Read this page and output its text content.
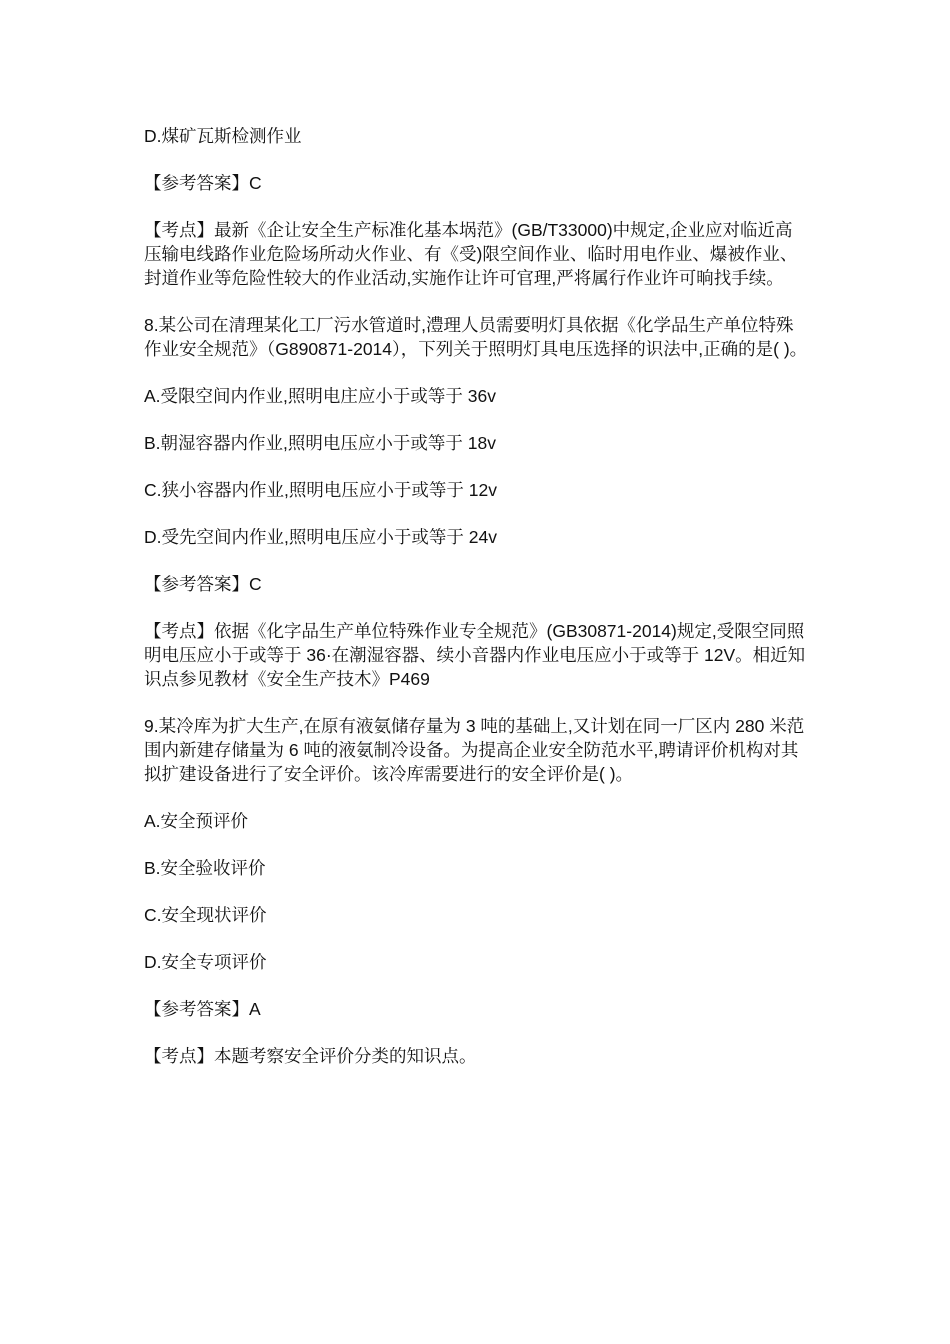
D.煤矿瓦斯检测作业

【参考答案】C

【考点】最新《企让安全生产标准化基本埚范》(GB/T33000)中规定,企业应对临近高压输电线路作业危险场所动火作业、有《受)限空间作业、临时用电作业、爆被作业、封道作业等危险性较大的作业活动,实施作让许可官理,严将属行作业许可晌找手续。

8.某公司在清理某化工厂污水管道时,澧理人员需要明灯具依据《化学品生产单位特殊作业安全规范》（G890871-2014），下列关于照明灯具电压选择的识法中,正确的是( )。

A.受限空间内作业,照明电庄应小于或等于 36v

B.朝湿容器内作业,照明电压应小于或等于 18v

C.狭小容器内作业,照明电压应小于或等于 12v

D.受先空间内作业,照明电压应小于或等于 24v

【参考答案】C

【考点】依据《化字品生产单位特殊作业专全规范》(GB30871-2014)规定,受限空同照明电压应小于或等于 36·在潮湿容器、续小音器内作业电压应小于或等于 12V。相近知识点参见教材《安全生产技木》P469

9.某冷库为扩大生产,在原有液氨储存量为 3 吨的基础上,又计划在同一厂区内 280 米范围内新建存储量为 6 吨的液氨制冷设备。为提高企业安全防范水平,聘请评价机构对其拟扩建设备进行了安全评价。该冷库需要进行的安全评价是( )。

A.安全预评价

B.安全验收评价

C.安全现状评价

D.安全专项评价

【参考答案】A

【考点】本题考察安全评价分类的知识点。
